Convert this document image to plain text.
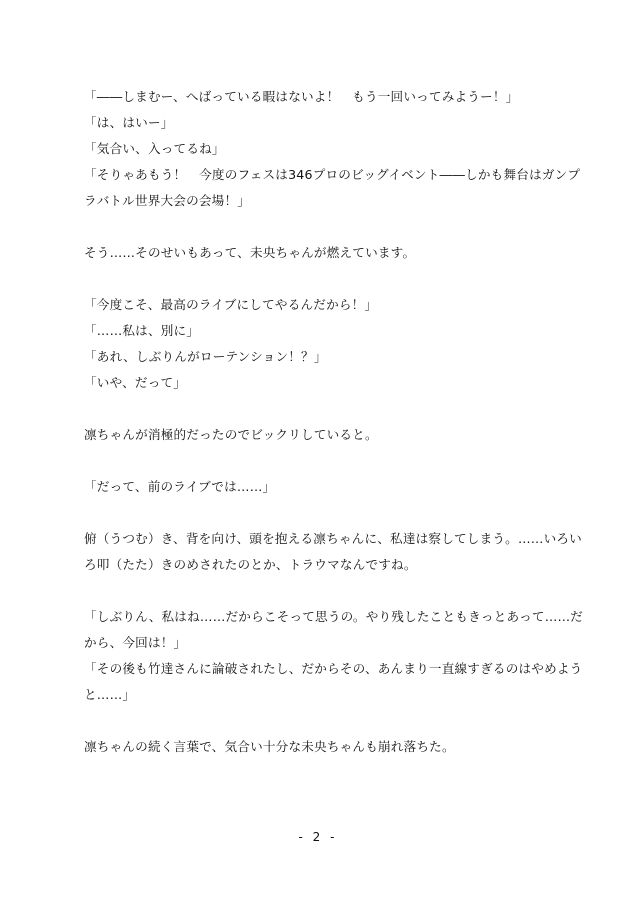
「――しまむー、へばっている暇はないよ！　もう一回いってみようー！」
「は、はいー」
「気合い、入ってるね」
「そりゃあもう！　今度のフェスは346プロのビッグイベント――しかも舞台はガンプ
ラバトル世界大会の会場！」
そう……そのせいもあって、未央ちゃんが燃えています。
「今度こそ、最高のライブにしてやるんだから！」
「……私は、別に」
「あれ、しぶりんがローテンション！？」
「いや、だって」
凛ちゃんが消極的だったのでビックリしていると。
「だって、前のライブでは……」
俯（うつむ）き、背を向け、頭を抱える凛ちゃんに、私達は察してしまう。……いろい
ろ叩（たた）きのめされたのとか、トラウマなんですね。
「しぶりん、私はね……だからこそって思うの。やり残したこともきっとあって……だ
から、今回は！」
「その後も竹達さんに論破されたし、だからその、あんまり一直線すぎるのはやめよう
と……」
凛ちゃんの続く言葉で、気合い十分な未央ちゃんも崩れ落ちた。
- 2 -
